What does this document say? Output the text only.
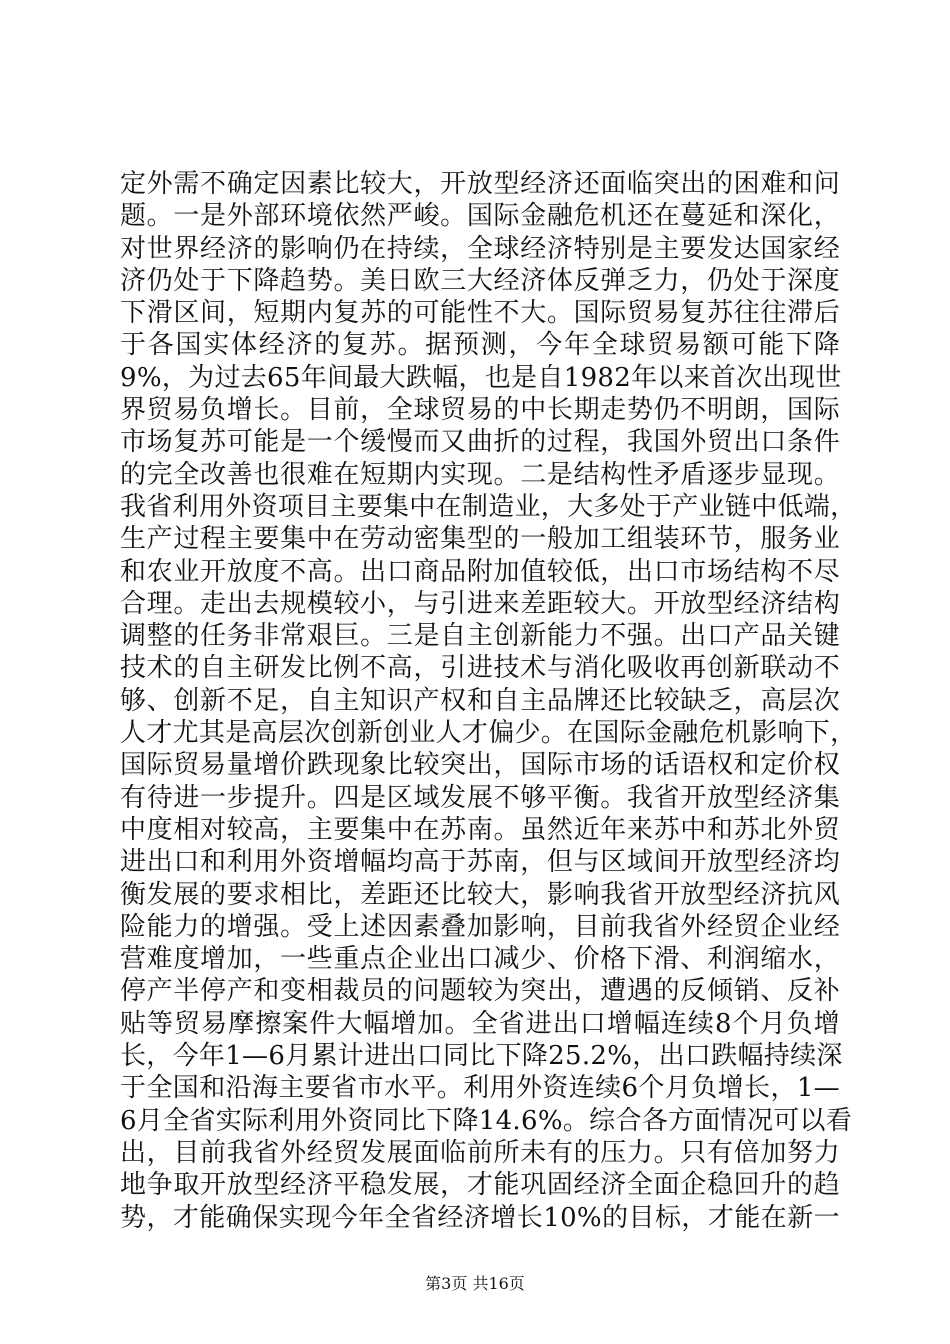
定外需不确定因素比较大，开放型经济还面临突出的困难和问
题。一是外部环境依然严峻。国际金融危机还在蔓延和深化，
对世界经济的影响仍在持续，全球经济特别是主要发达国家经
济仍处于下降趋势。美日欧三大经济体反弹乏力，仍处于深度
下滑区间，短期内复苏的可能性不大。国际贸易复苏往往滞后
于各国实体经济的复苏。据预测，今年全球贸易额可能下降
9%，为过去65年间最大跌幅，也是自1982年以来首次出现世
界贸易负增长。目前，全球贸易的中长期走势仍不明朗，国际
市场复苏可能是一个缓慢而又曲折的过程，我国外贸出口条件
的完全改善也很难在短期内实现。二是结构性矛盾逐步显现。
我省利用外资项目主要集中在制造业，大多处于产业链中低端，
生产过程主要集中在劳动密集型的一般加工组装环节，服务业
和农业开放度不高。出口商品附加值较低，出口市场结构不尽
合理。走出去规模较小，与引进来差距较大。开放型经济结构
调整的任务非常艰巨。三是自主创新能力不强。出口产品关键
技术的自主研发比例不高，引进技术与消化吸收再创新联动不
够、创新不足，自主知识产权和自主品牌还比较缺乏，高层次
人才尤其是高层次创新创业人才偏少。在国际金融危机影响下，
国际贸易量增价跌现象比较突出，国际市场的话语权和定价权
有待进一步提升。四是区域发展不够平衡。我省开放型经济集
中度相对较高，主要集中在苏南。虽然近年来苏中和苏北外贸
进出口和利用外资增幅均高于苏南，但与区域间开放型经济均
衡发展的要求相比，差距还比较大，影响我省开放型经济抗风
险能力的增强。受上述因素叠加影响，目前我省外经贸企业经
营难度增加，一些重点企业出口减少、价格下滑、利润缩水，
停产半停产和变相裁员的问题较为突出，遭遇的反倾销、反补
贴等贸易摩擦案件大幅增加。全省进出口增幅连续8个月负增
长，今年1—6月累计进出口同比下降25.2%，出口跌幅持续深
于全国和沿海主要省市水平。利用外资连续6个月负增长，1—
6月全省实际利用外资同比下降14.6%。综合各方面情况可以看
出，目前我省外经贸发展面临前所未有的压力。只有倍加努力
地争取开放型经济平稳发展，才能巩固经济全面企稳回升的趋
势，才能确保实现今年全省经济增长10%的目标，才能在新一
第3页 共16页
